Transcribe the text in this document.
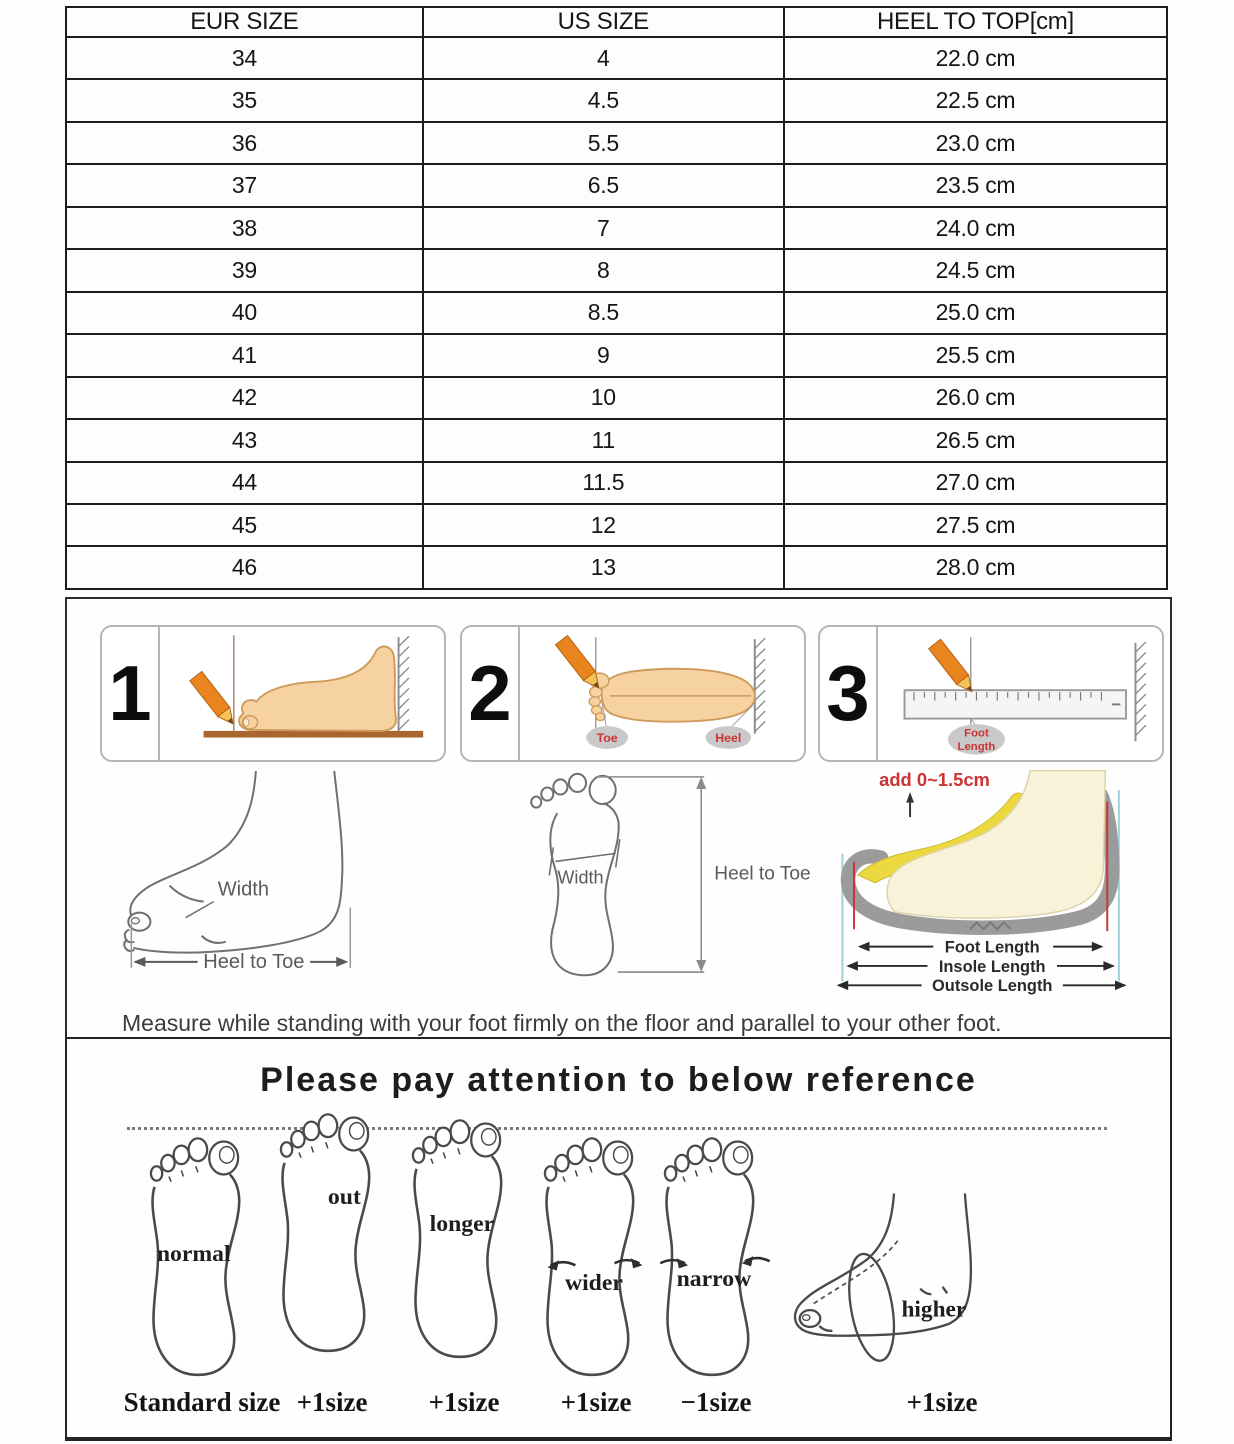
EUR SIZE	US SIZE	HEEL TO TOP[cm]
34	4	22.0 cm
35	4.5	22.5 cm
36	5.5	23.0 cm
37	6.5	23.5 cm
38	7	24.0 cm
39	8	24.5 cm
40	8.5	25.0 cm
41	9	25.5 cm
42	10	26.0 cm
43	11	26.5 cm
44	11.5	27.0 cm
45	12	27.5 cm
46	13	28.0 cm
1	2
Toe	Heel
3	Foot
Length
Width
Heel to Toe
Width	Heel to Toe
add 0~1.5cm
Foot Length
Insole Length
Outsole Length

Measure while standing with your foot firmly on the floor and parallel to your other foot.

Please pay attention to below reference
normal
out
longer
wider narrow
higher
Standard size +1size	+1size	+1size	−1size	+1size
